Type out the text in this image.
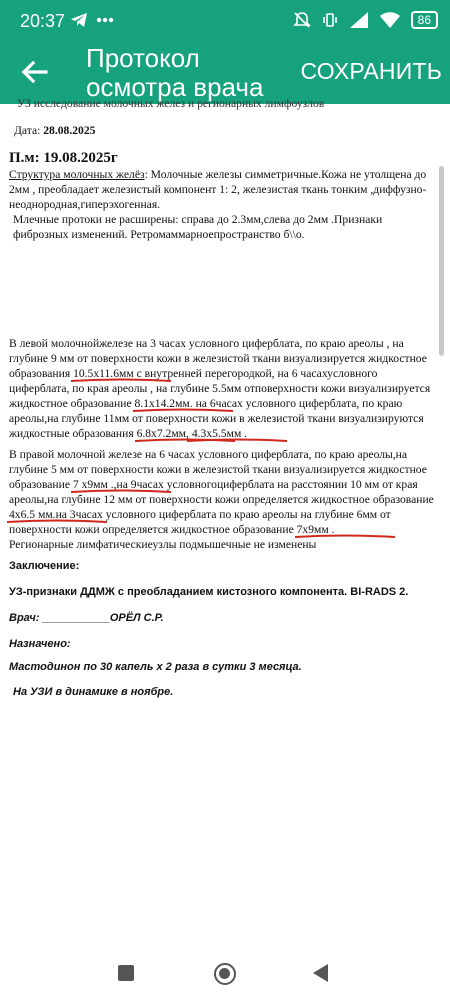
20:37	86
Протокол осмотра врача
СОХРАНИТЬ
УЗ исследование молочных желез и регионарных лимфоузлов
Дата: 28.08.2025
П.м: 19.08.2025г
Структура молочных желёз: Молочные железы симметричные.Кожа не утолщена до 2мм , преобладает железистый компонент 1: 2, железистая ткань тонким ,диффузно-неоднородная,гиперэхогенная.
Млечные протоки не расширены: справа до 2.3мм,слева до 2мм .Признаки фиброзных изменений. Ретромаммарноепространство б\\о.
В левой молочнойжелезе на 3 часах условного циферблата, по краю ареолы , на глубине 9 мм от поверхности кожи в железистой ткани визуализируется жидкостное образования 10.5х11.6мм
с внутренней перегородкой, на 6 часахусловного циферблата, по края ареолы , на глубине 5.5мм отповерхности кожи визуализируется жидкостное образование 8.1х14.2мм.
на 6часах условного циферблата, по краю ареолы,на глубине 11мм от поверхности кожи в железистой ткани визуализируются жидкостные образования 6.8х7.2мм,
4.3х5.5мм
.
В правой молочной железе на 6 часах условного циферблата, по краю ареолы,на глубине 5 мм от поверхности кожи в железистой ткани визуализируется жидкостное образование 7 х9мм
.,на 9часах условногоциферблата на расстоянии 10 мм от края ареолы,на глубине 12 мм от поверхности кожи определяется жидкостное образование 4х6.5 мм.
на 3часах условного циферблата по краю ареолы на глубине 6мм от поверхности кожи определяется жидкостное образование 7х9мм
.
Регионарные лимфатическиеузлы подмышечные не изменены
Заключение:
УЗ-признаки ДДМЖ с преобладанием кистозного компонента. BI-RADS 2.
Врач: ___________ОРЁЛ С.Р.
Назначено:
Мастодинон по 30 капель х 2 раза в сутки 3 месяца.
На УЗИ в динамике в ноябре.
